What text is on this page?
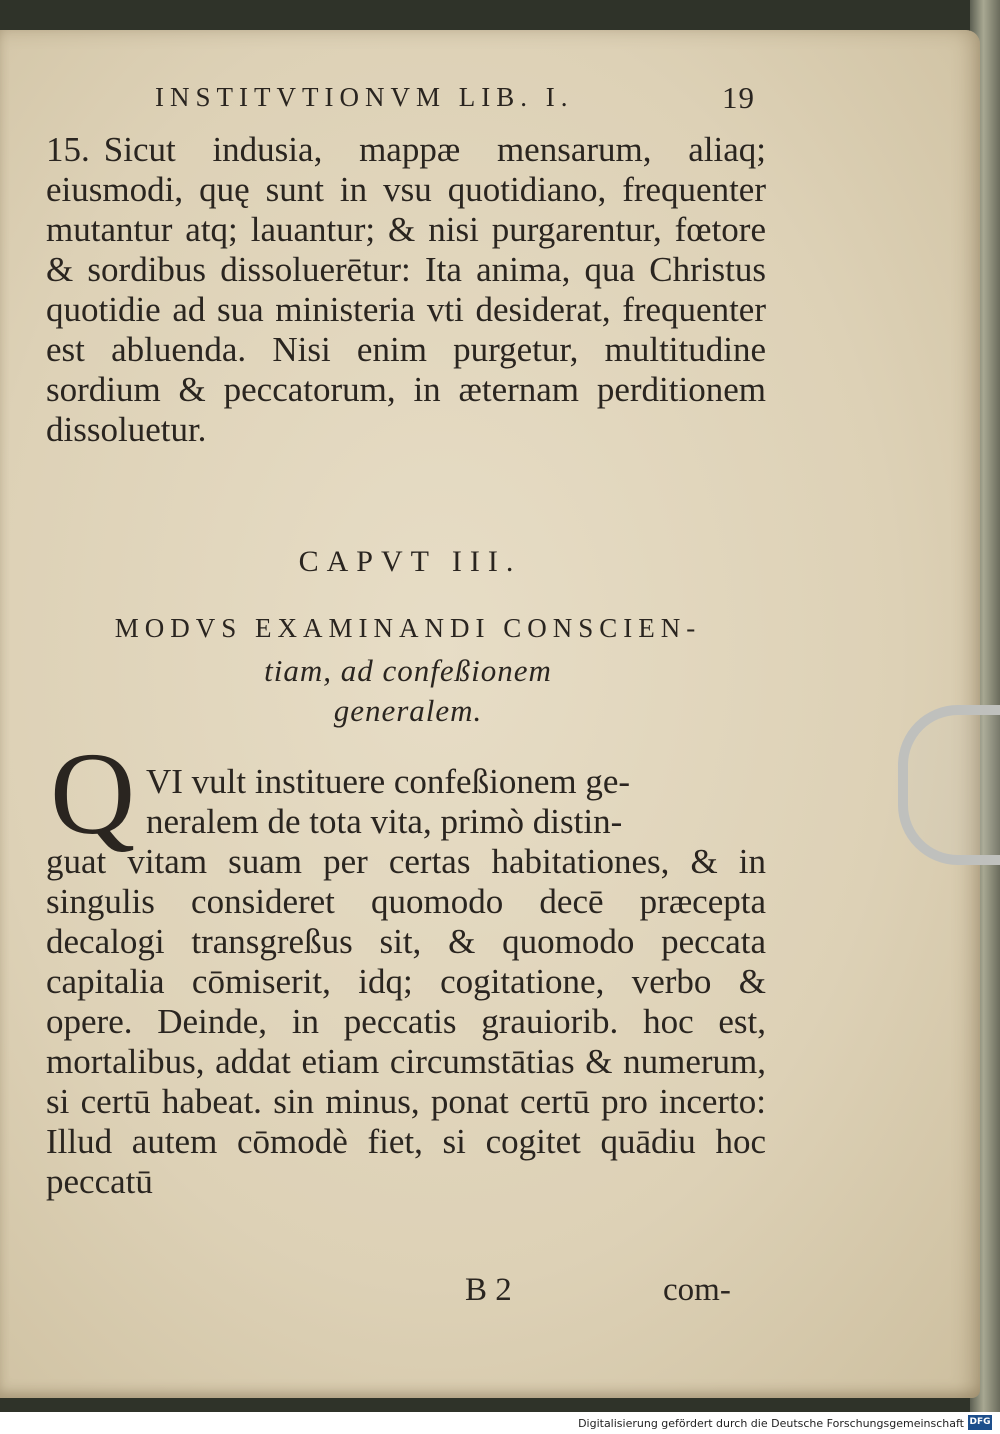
INSTITVTIONVM LIB. I.	19
15. Sicut indusia, mappæ mensarum, aliaq; eiusmodi, quę sunt in vsu quotidiano, frequenter mutantur atq; lauantur; & nisi purgarentur, fœtore & sordibus dissoluerētur: Ita anima, qua Christus quotidie ad sua ministeria vti desiderat, frequenter est abluenda. Nisi enim purgetur, multitudine sordium & peccatorum, in æternam perditionem dissoluetur.
CAPVT III.
MODVS EXAMINANDI CONSCIEN-
tiam, ad confeßionem generalem.
Q VI vult instituere confeßionem ge-
neralem de tota vita, primò distin-
guat vitam suam per certas habitationes, & in singulis consideret quomodo decē præcepta decalogi transgreßus sit, & quomodo peccata capitalia cōmiserit, idq; cogitatione, verbo & opere. Deinde, in peccatis grauiorib. hoc est, mortalibus, addat etiam circumstātias & numerum, si certū habeat. sin minus, ponat certū pro incerto: Illud autem cōmodè fiet, si cogitet quādiu hoc peccatū
B 2	com-
Digitalisierung gefördert durch die Deutsche Forschungsgemeinschaft DFG
